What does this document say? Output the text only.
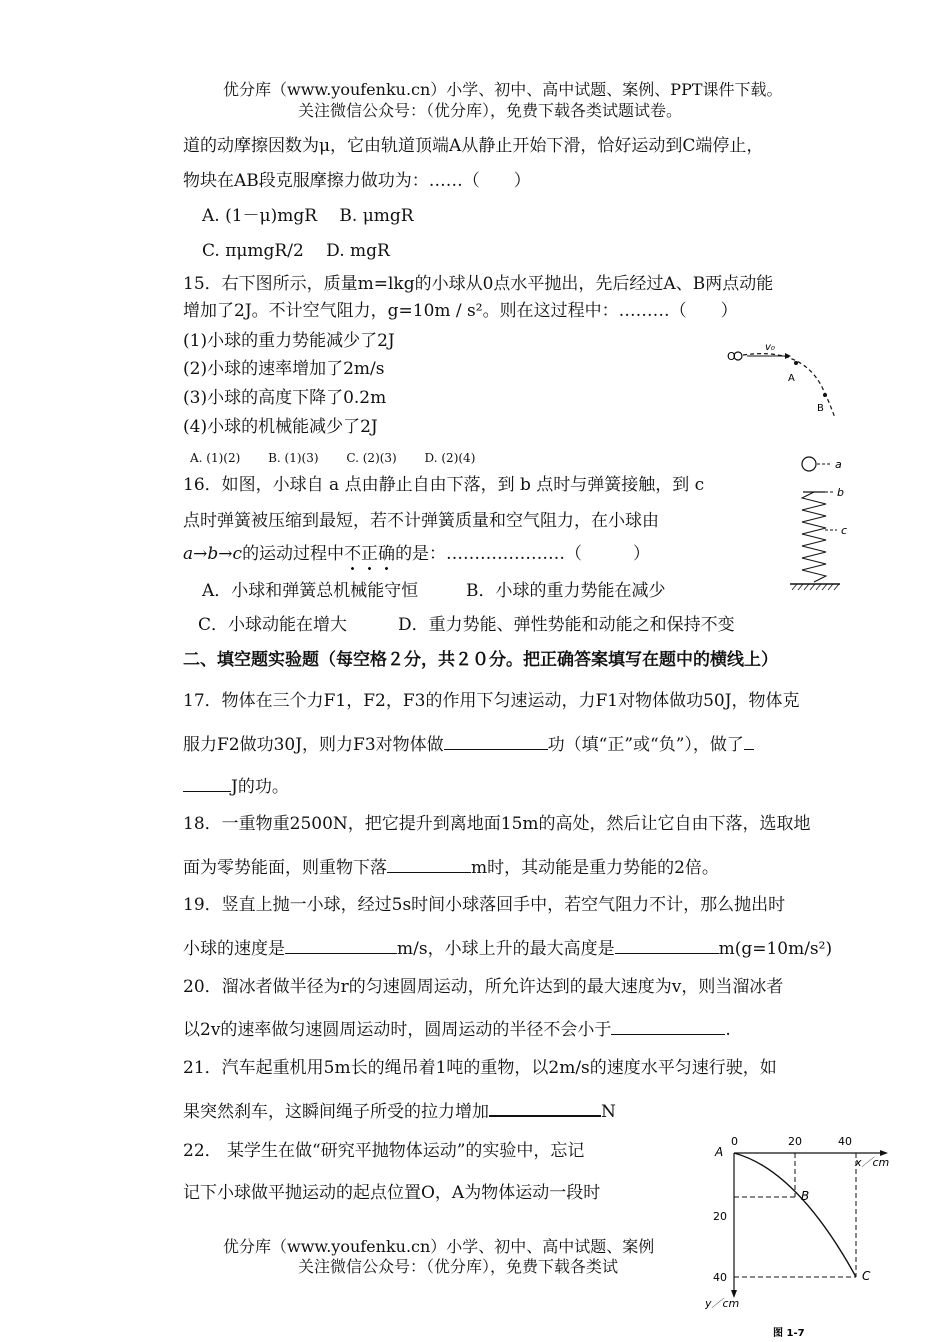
优分库（www.youfenku.cn）小学、初中、高中试题、案例、PPT课件下载。
关注微信公众号：（优分库），免费下载各类试题试卷。
道的动摩擦因数为μ，它由轨道顶端A从静止开始下滑，恰好运动到C端停止，
物块在AB段克服摩擦力做功为：……（　　）
A. (1－μ)mgR　 B. μmgR
C. πμmgR/2　 D. mgR
15．右下图所示，质量m=lkg的小球从0点水平抛出，先后经过A、B两点动能
增加了2J。不计空气阻力，g=10m / s²。则在这过程中：………（　　）
(1)小球的重力势能减少了2J
(2)小球的速率增加了2m/s
(3)小球的高度下降了0.2m
(4)小球的机械能减少了2J
A. (1)(2)　　 B. (1)(3)　　 C. (2)(3)　　 D. (2)(4)
O
v₀
A
B
16．如图，小球自 a 点由静止自由下落，到 b 点时与弹簧接触，到 c
点时弹簧被压缩到最短，若不计弹簧质量和空气阻力，在小球由
a→b→c的运动过程中不正确的是：…………………（　　　）
A．小球和弹簧总机械能守恒	B．小球的重力势能在减少
C．小球动能在增大	D．重力势能、弹性势能和动能之和保持不变
a
b
c
二、填空题实验题（每空格２分，共２０分。把正确答案填写在题中的横线上）
17．物体在三个力F1，F2，F3的作用下匀速运动，力F1对物体做功50J，物体克
服力F2做功30J，则力F3对物体做	功（填“正”或“负”），做了
J的功。
18．一重物重2500N，把它提升到离地面15m的高处，然后让它自由下落，选取地
面为零势能面，则重物下落	m时，其动能是重力势能的2倍。
19．竖直上抛一小球，经过5s时间小球落回手中，若空气阻力不计，那么抛出时
小球的速度是	m/s，小球上升的最大高度是	m(g=10m/s²)
20．溜冰者做半径为r的匀速圆周运动，所允许达到的最大速度为v，则当溜冰者
以2v的速率做匀速圆周运动时，圆周运动的半径不会小于	.
21．汽车起重机用5m长的绳吊着1吨的重物，以2m/s的速度水平匀速行驶，如
果突然刹车，这瞬间绳子所受的拉力增加	N
22． 某学生在做“研究平抛物体运动”的实验中，忘记
记下小球做平抛运动的起点位置O，A为物体运动一段时
优分库（www.youfenku.cn）小学、初中、高中试题、案例
关注微信公众号：（优分库），免费下载各类试
0	20	40
x／cm
20
40
y／cm
A
B
C
图 1-7
